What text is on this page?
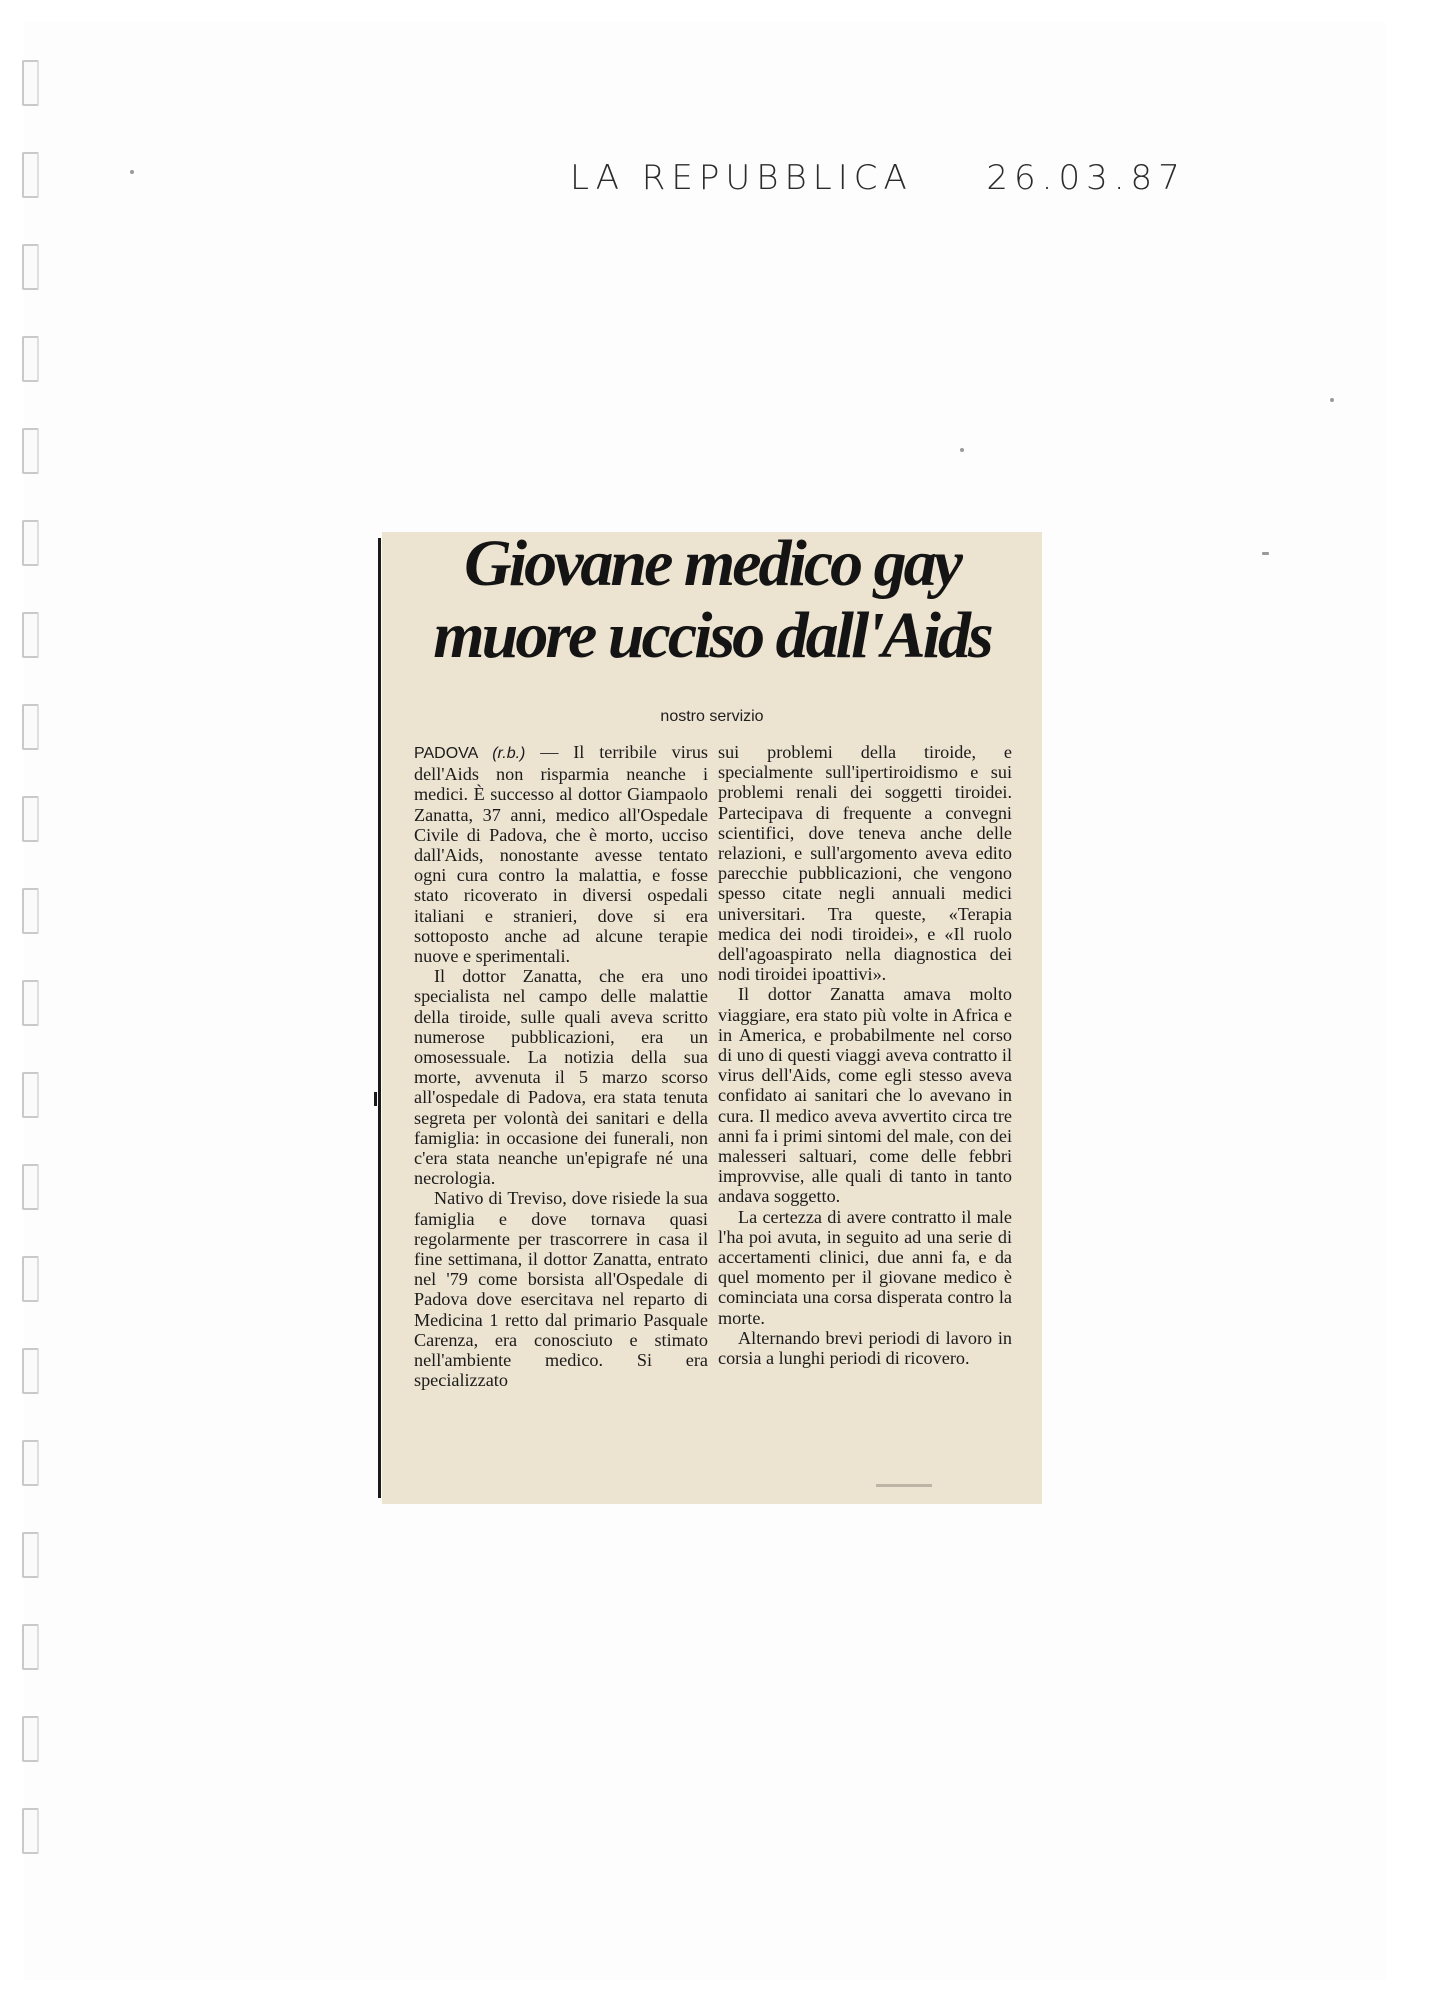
LA REPUBBLICA 26.03.87
Giovane medico gay
muore ucciso dall'Aids
nostro servizio

PADOVA (r.b.) — Il terribile virus dell'Aids non risparmia neanche i medici. È successo al dottor Giampaolo Zanatta, 37 anni, medico all'Ospedale Civile di Padova, che è morto, ucciso dall'Aids, nonostante avesse tentato ogni cura contro la malattia, e fosse stato ricoverato in diversi ospedali italiani e stranieri, dove si era sottoposto anche ad alcune terapie nuove e sperimentali.

Il dottor Zanatta, che era uno specialista nel campo delle malattie della tiroide, sulle quali aveva scritto numerose pubblicazioni, era un omosessuale. La notizia della sua morte, avvenuta il 5 marzo scorso all'ospedale di Padova, era stata tenuta segreta per volontà dei sanitari e della famiglia: in occasione dei funerali, non c'era stata neanche un'epigrafe né una necrologia.

Nativo di Treviso, dove risiede la sua famiglia e dove tornava quasi regolarmente per trascorrere in casa il fine settimana, il dottor Zanatta, entrato nel '79 come borsista all'Ospedale di Padova dove esercitava nel reparto di Medicina 1 retto dal primario Pasquale Carenza, era conosciuto e stimato nell'ambiente medico. Si era specializzato

sui problemi della tiroide, e specialmente sull'ipertiroidismo e sui problemi renali dei soggetti tiroidei. Partecipava di frequente a convegni scientifici, dove teneva anche delle relazioni, e sull'argomento aveva edito parecchie pubblicazioni, che vengono spesso citate negli annuali medici universitari. Tra queste, «Terapia medica dei nodi tiroidei», e «Il ruolo dell'agoaspirato nella diagnostica dei nodi tiroidei ipoattivi».

Il dottor Zanatta amava molto viaggiare, era stato più volte in Africa e in America, e probabilmente nel corso di uno di questi viaggi aveva contratto il virus dell'Aids, come egli stesso aveva confidato ai sanitari che lo avevano in cura. Il medico aveva avvertito circa tre anni fa i primi sintomi del male, con dei malesseri saltuari, come delle febbri improvvise, alle quali di tanto in tanto andava soggetto.

La certezza di avere contratto il male l'ha poi avuta, in seguito ad una serie di accertamenti clinici, due anni fa, e da quel momento per il giovane medico è cominciata una corsa disperata contro la morte.

Alternando brevi periodi di lavoro in corsia a lunghi periodi di ricovero.
